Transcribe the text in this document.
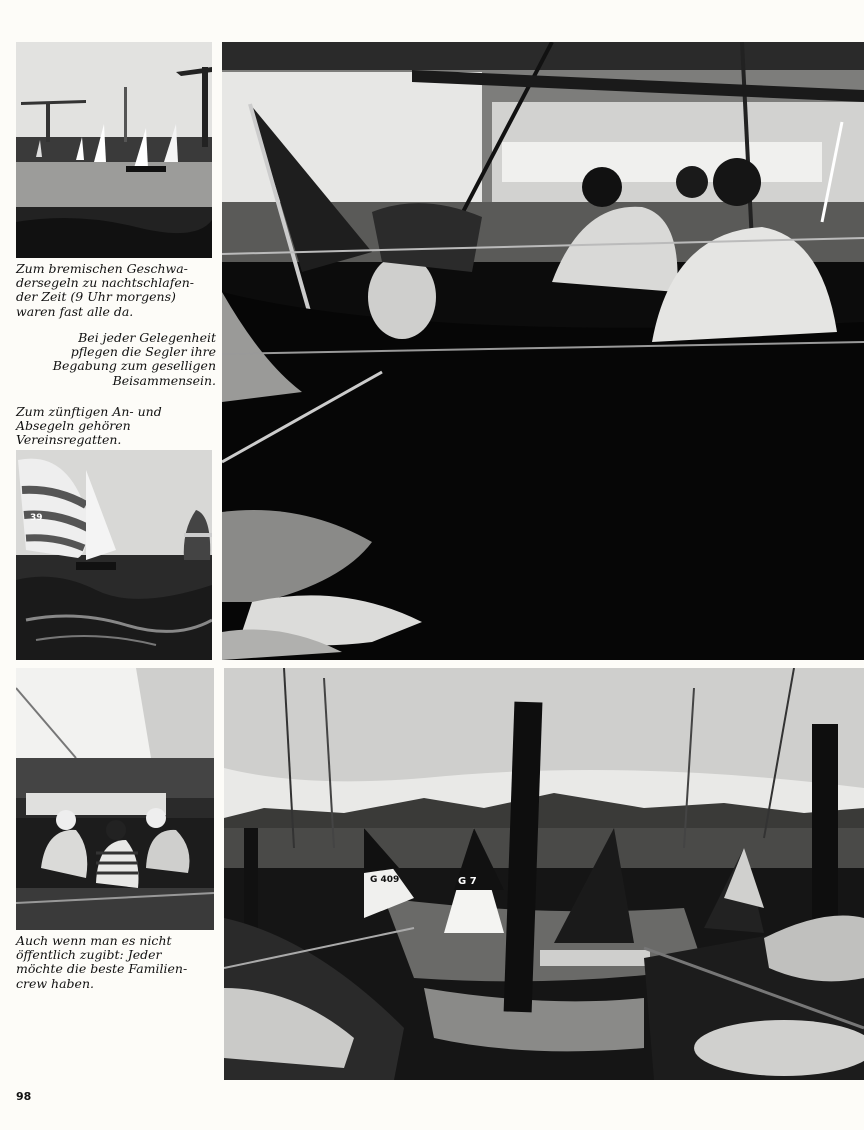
Zum bremischen Geschwa-
dersegeln zu nachtschlafen-
der Zeit (9 Uhr morgens)
waren fast alle da.
Bei jeder Gelegenheit
pflegen die Segler ihre
Begabung zum geselligen
Beisammensein.
Zum zünftigen An- und
Absegeln gehören
Vereinsregatten.
39
Auch wenn man es nicht
öffentlich zugibt: Jeder
möchte die beste Familien-
crew haben.
G 409	G 7
98
